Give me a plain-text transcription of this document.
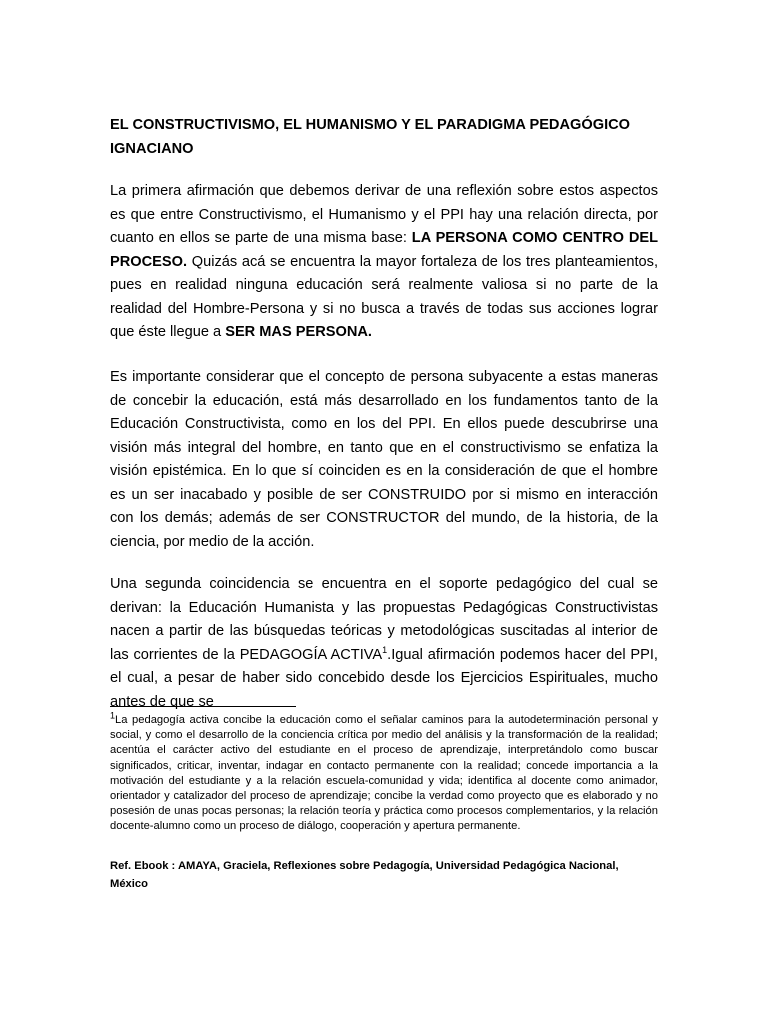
EL CONSTRUCTIVISMO, EL HUMANISMO Y EL PARADIGMA PEDAGÓGICO IGNACIANO

La primera afirmación que debemos derivar de una reflexión sobre estos aspectos es que entre Constructivismo, el Humanismo y el PPI hay una relación directa, por cuanto en ellos se parte de una misma base: LA PERSONA COMO CENTRO DEL PROCESO. Quizás acá se encuentra la mayor fortaleza de los tres planteamientos, pues en realidad ninguna educación será realmente valiosa si no parte de la realidad del Hombre-Persona y si no busca a través de todas sus acciones lograr que éste llegue a SER MAS PERSONA.

Es importante considerar que el concepto de persona subyacente a estas maneras de concebir la educación, está más desarrollado en los fundamentos tanto de la Educación Constructivista, como en los del PPI. En ellos puede descubrirse una visión más integral del hombre, en tanto que en el constructivismo se enfatiza la visión epistémica. En lo que sí coinciden es en la consideración de que el hombre es un ser inacabado y posible de ser CONSTRUIDO por si mismo en interacción con los demás; además de ser CONSTRUCTOR del mundo, de la historia, de la ciencia, por medio de la acción.

Una segunda coincidencia se encuentra en el soporte pedagógico del cual se derivan: la Educación Humanista y las propuestas Pedagógicas Constructivistas nacen a partir de las búsquedas teóricas y metodológicas suscitadas al interior de las corrientes de la PEDAGOGÍA ACTIVA$^1$.Igual afirmación podemos hacer del PPI, el cual, a pesar de haber sido concebido desde los Ejercicios Espirituales, mucho antes de que se

$^1$La pedagogía activa concibe la educación como el señalar caminos para la autodeterminación personal y social, y como el desarrollo de la conciencia crítica por medio del análisis y la transformación de la realidad; acentúa el carácter activo del estudiante en el proceso de aprendizaje, interpretándolo como buscar significados, criticar, inventar, indagar en contacto permanente con la realidad; concede importancia a la motivación del estudiante y a la relación escuela-comunidad y vida; identifica al docente como animador, orientador y catalizador del proceso de aprendizaje; concibe la verdad como proyecto que es elaborado y no posesión de unas pocas personas; la relación teoría y práctica como procesos complementarios, y la relación docente-alumno como un proceso de diálogo, cooperación y apertura permanente.

Ref. Ebook : AMAYA, Graciela, Reflexiones sobre Pedagogía, Universidad Pedagógica Nacional, México
